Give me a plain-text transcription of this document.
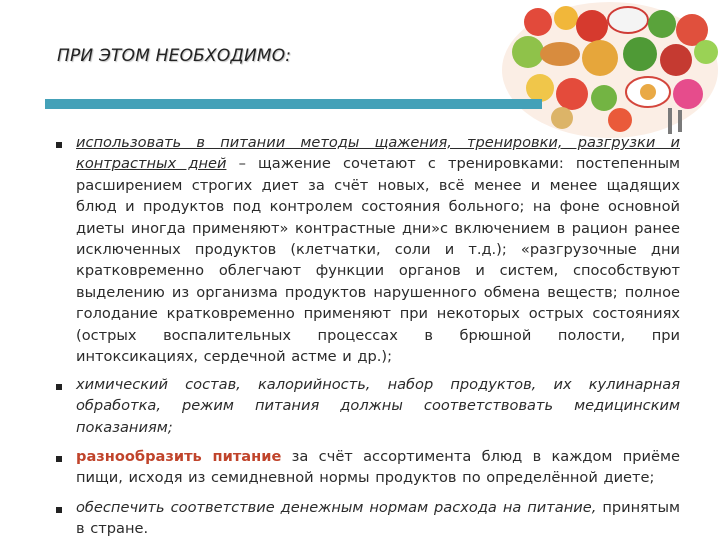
ПРИ ЭТОМ НЕОБХОДИМО:
использовать в питании методы щажения, тренировки, разгрузки и контрастных дней – щажение сочетают с тренировками: постепенным расширением строгих диет за счёт новых, всё менее и менее щадящих блюд и продуктов под контролем состояния больного; на фоне основной диеты иногда применяют» контрастные дни»с включением в рацион ранее исключенных продуктов (клетчатки, соли и т.д.); «разгрузочные дни кратковременно облегчают функции органов и систем, способствуют выделению из организма продуктов нарушенного обмена веществ; полное голодание кратковременно применяют при некоторых острых состояниях (острых воспалительных процессах в брюшной полости, при интоксикациях, сердечной астме и др.);
химический состав, калорийность, набор продуктов, их кулинарная обработка, режим питания должны соответствовать медицинским показаниям;
разнообразить питание за счёт ассортимента блюд в каждом приёме пищи, исходя из семидневной нормы продуктов по определённой диете;
обеспечить соответствие денежным нормам расхода на питание, принятым в стране.
